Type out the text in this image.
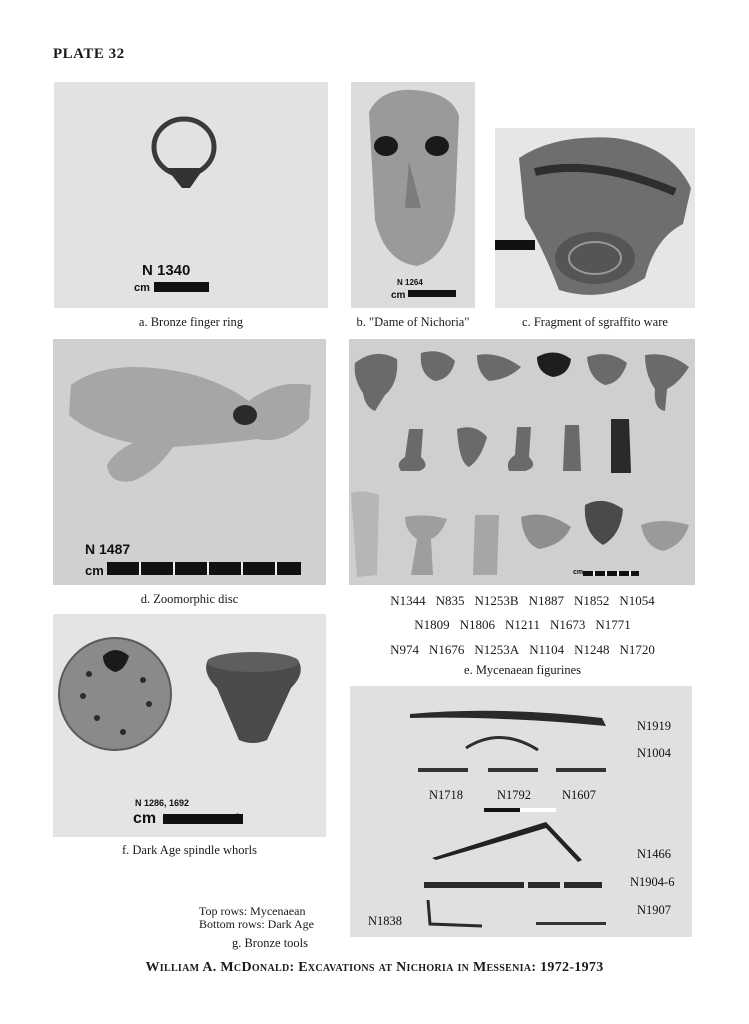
PLATE 32
N 1340
cm
a. Bronze finger ring
N 1264
cm
b. "Dame of Nichoria"	c. Fragment of sgraffito ware
N 1487
cm
d. Zoomorphic disc
cm
N1344 N835 N1253B N1887 N1852 N1054
N1809 N1806 N1211 N1673 N1771
N974 N1676 N1253A N1104 N1248 N1720
e. Mycenaean figurines
N 1286, 1692
cm	2
f. Dark Age spindle whorls
N1919
N1004
N1718	N1792 N1607
N1466
N1904-6
N1907
N1838
Top rows: Mycenaean
Bottom rows: Dark Age
g. Bronze tools
William A. McDonald: Excavations at Nichoria in Messenia: 1972-1973
